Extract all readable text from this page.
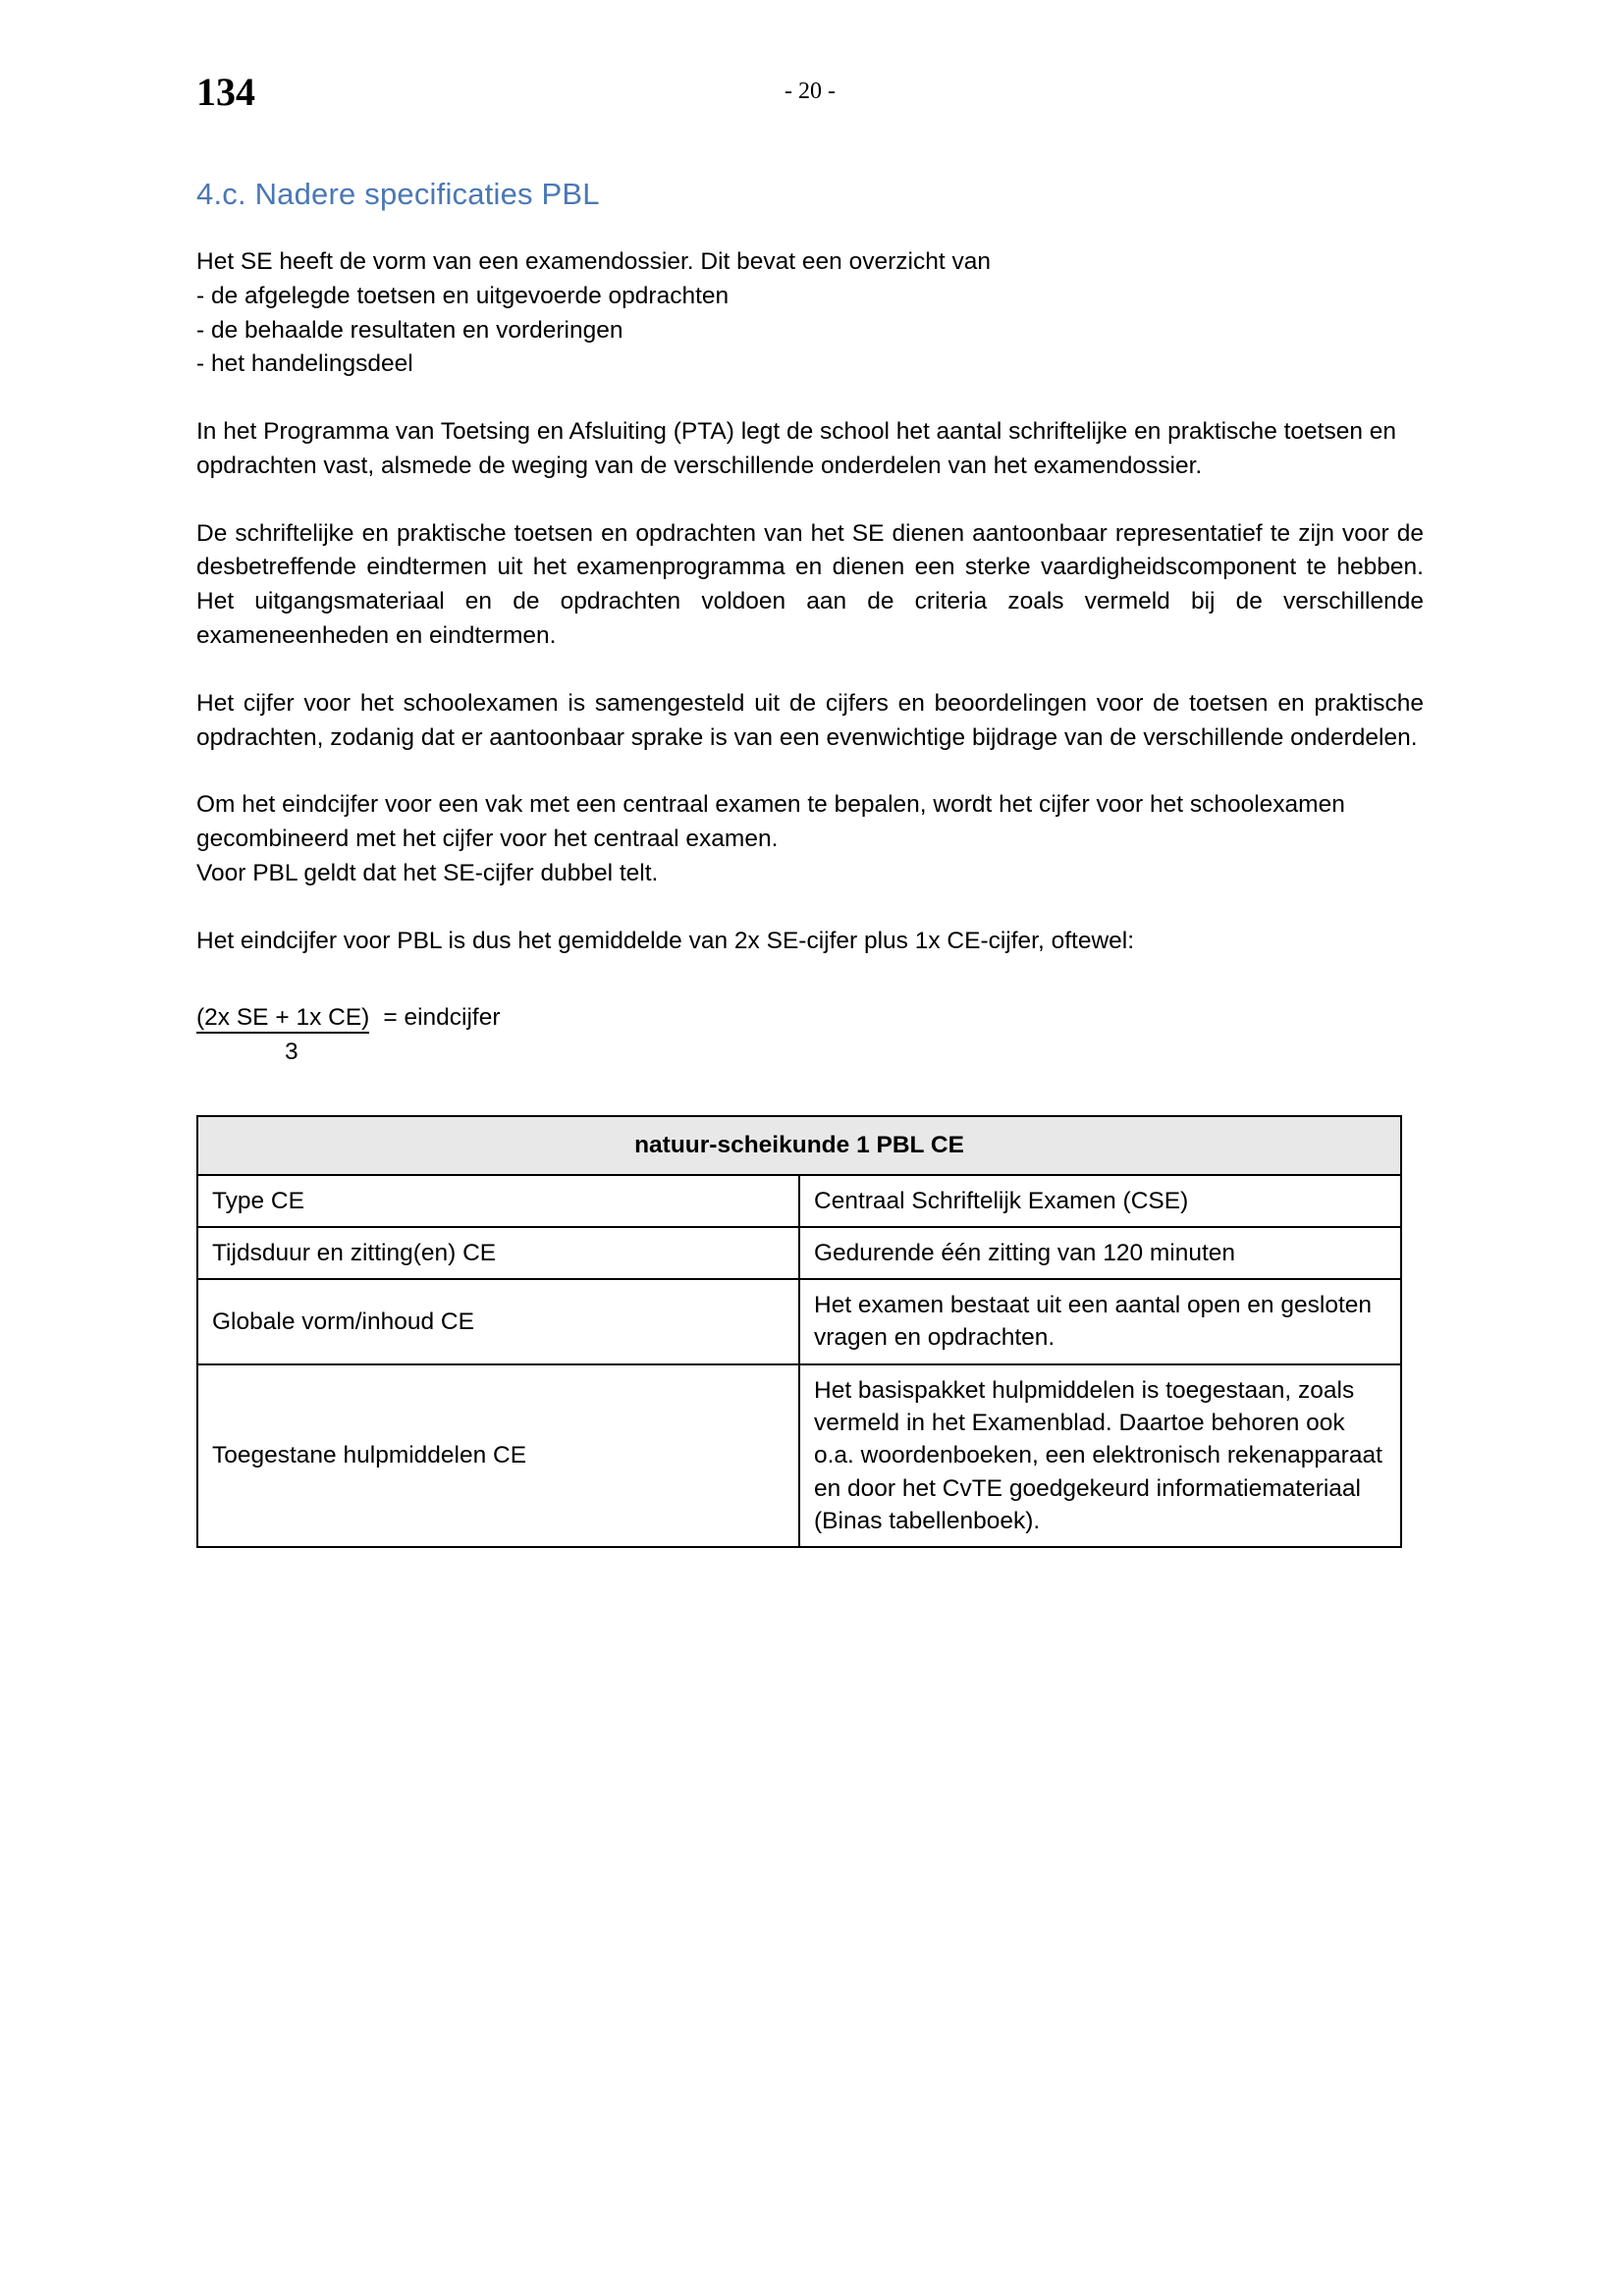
134	- 20 -
4.c. Nadere specificaties PBL

Het SE heeft de vorm van een examendossier. Dit bevat een overzicht van
- de afgelegde toetsen en uitgevoerde opdrachten
- de behaalde resultaten en vorderingen
- het handelingsdeel

In het Programma van Toetsing en Afsluiting (PTA) legt de school het aantal schriftelijke en praktische toetsen en opdrachten vast, alsmede de weging van de verschillende onderdelen van het examendossier.

De schriftelijke en praktische toetsen en opdrachten van het SE dienen aantoonbaar representatief te zijn voor de desbetreffende eindtermen uit het examenprogramma en dienen een sterke vaardigheidscomponent te hebben. Het uitgangsmateriaal en de opdrachten voldoen aan de criteria zoals vermeld bij de verschillende exameneenheden en eindtermen.

Het cijfer voor het schoolexamen is samengesteld uit de cijfers en beoordelingen voor de toetsen en praktische opdrachten, zodanig dat er aantoonbaar sprake is van een evenwichtige bijdrage van de verschillende onderdelen.

Om het eindcijfer voor een vak met een centraal examen te bepalen, wordt het cijfer voor het schoolexamen gecombineerd met het cijfer voor het centraal examen.
Voor PBL geldt dat het SE-cijfer dubbel telt.

Het eindcijfer voor PBL is dus het gemiddelde van 2x SE-cijfer plus 1x CE-cijfer, oftewel:

(2x SE + 1x CE) = eindcijfer
3
natuur-scheikunde 1 PBL CE	
Type CE	Centraal Schriftelijk Examen (CSE)
Tijdsduur en zitting(en) CE	Gedurende één zitting van 120 minuten
Globale vorm/inhoud CE	Het examen bestaat uit een aantal open en gesloten vragen en opdrachten.
Toegestane hulpmiddelen CE	Het basispakket hulpmiddelen is toegestaan, zoals vermeld in het Examenblad. Daartoe behoren ook o.a. woordenboeken, een elektronisch rekenapparaat en door het CvTE goedgekeurd informatiemateriaal (Binas tabellenboek).
